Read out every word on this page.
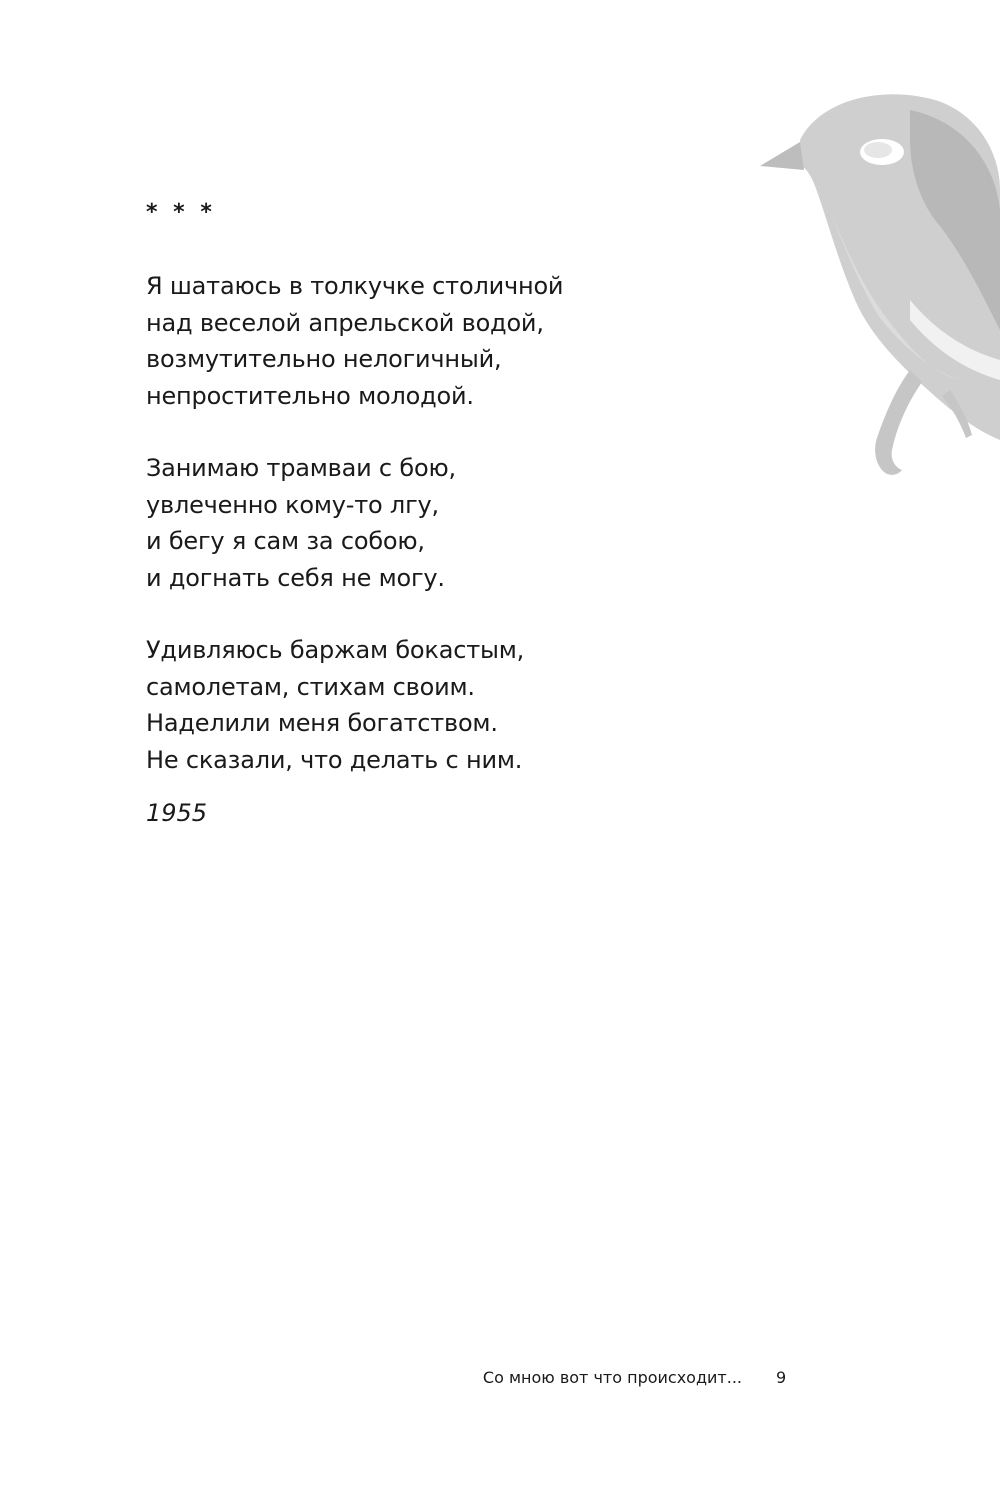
* * *
Я шатаюсь в толкучке столичной
над веселой апрельской водой,
возмутительно нелогичный,
непростительно молодой.
Занимаю трамваи с бою,
увлеченно кому-то лгу,
и бегу я сам за собою,
и догнать себя не могу.
Удивляюсь баржам бокастым,
самолетам, стихам своим.
Наделили меня богатством.
Не сказали, что делать с ним.
1955
Со мною вот что происходит... 9
